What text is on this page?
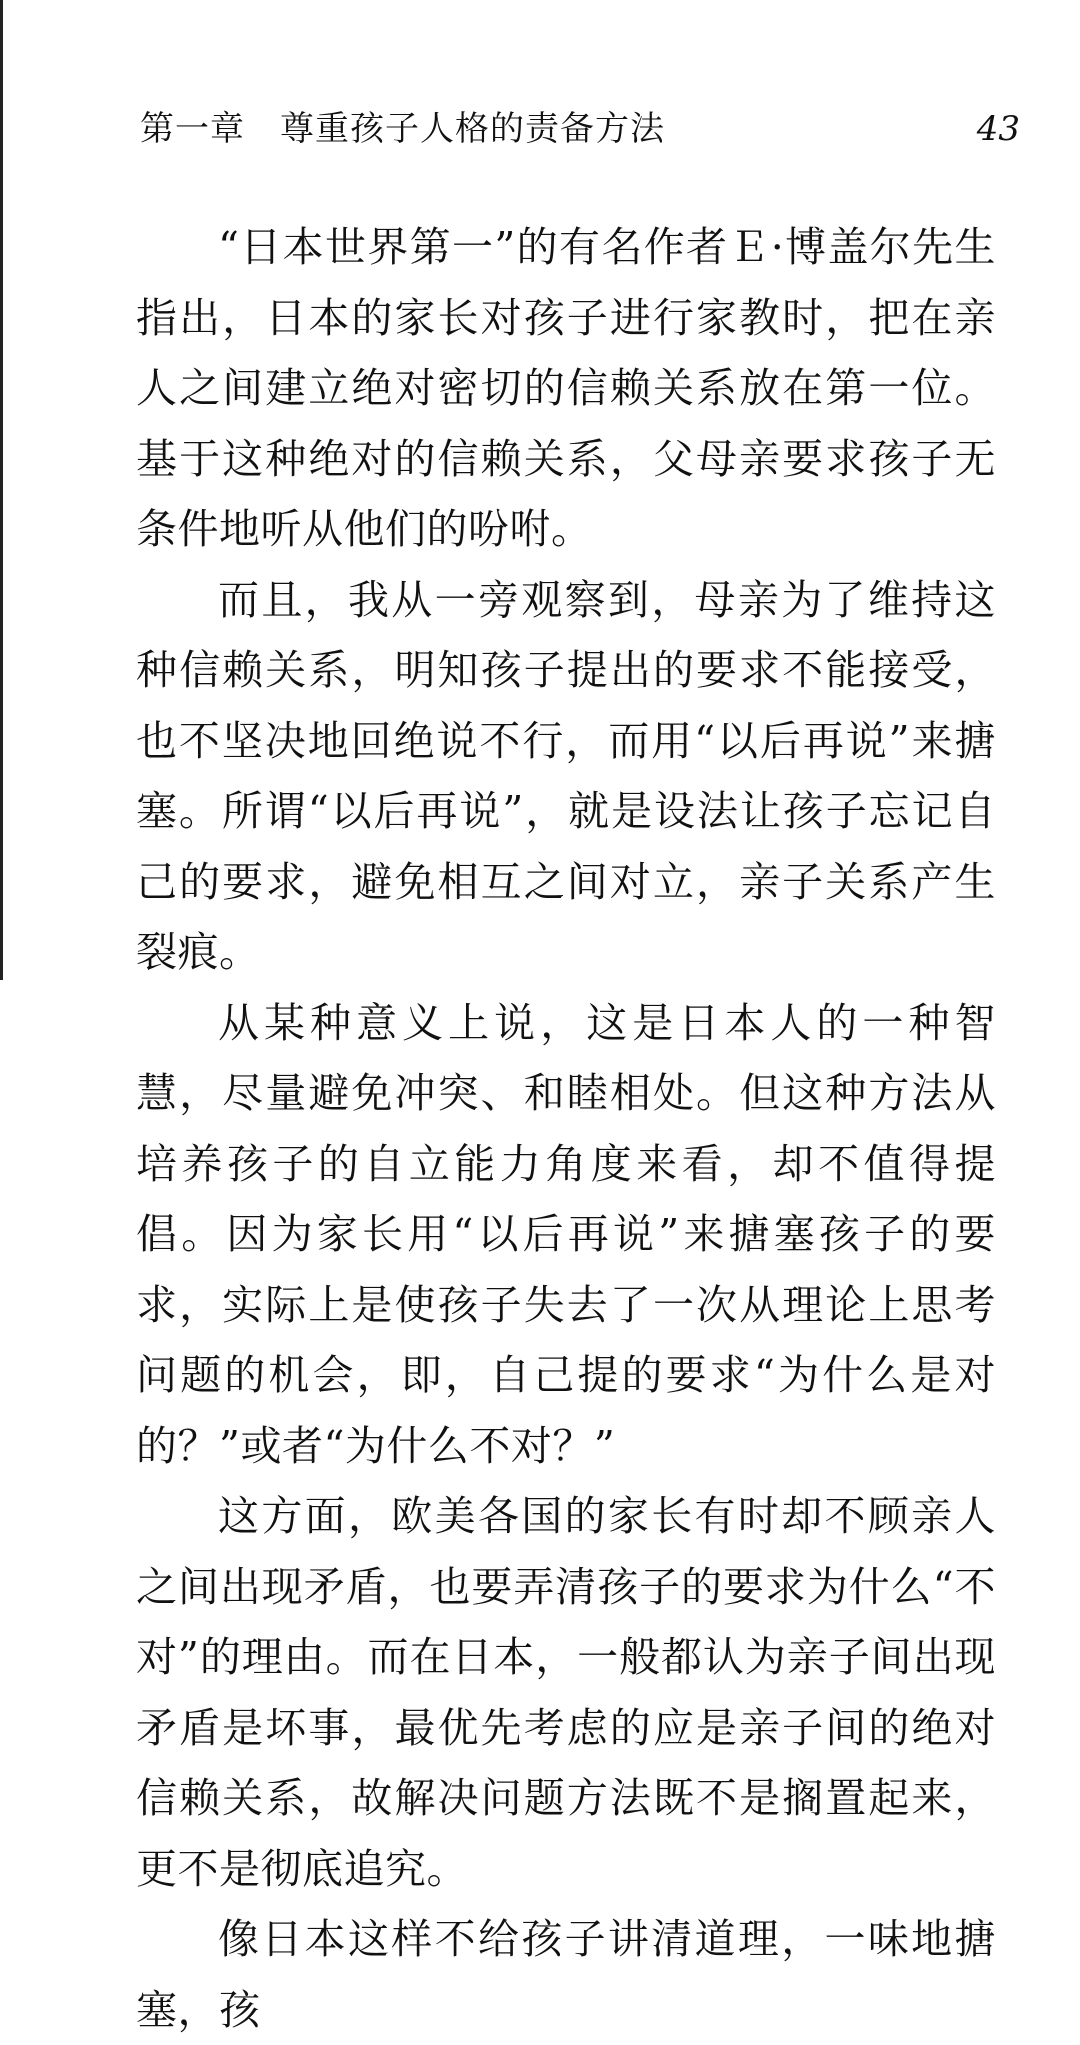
第一章　尊重孩子人格的责备方法	43

“日本世界第一”的有名作者Ｅ·博盖尔先生指出，日本的家长对孩子进行家教时，把在亲人之间建立绝对密切的信赖关系放在第一位。基于这种绝对的信赖关系，父母亲要求孩子无条件地听从他们的吩咐。

而且，我从一旁观察到，母亲为了维持这种信赖关系，明知孩子提出的要求不能接受，也不坚决地回绝说不行，而用“以后再说”来搪塞。所谓“以后再说”，就是设法让孩子忘记自己的要求，避免相互之间对立，亲子关系产生裂痕。

从某种意义上说，这是日本人的一种智慧，尽量避免冲突、和睦相处。但这种方法从培养孩子的自立能力角度来看，却不值得提倡。因为家长用“以后再说”来搪塞孩子的要求，实际上是使孩子失去了一次从理论上思考问题的机会，即，自己提的要求“为什么是对的？”或者“为什么不对？”

这方面，欧美各国的家长有时却不顾亲人之间出现矛盾，也要弄清孩子的要求为什么“不对”的理由。而在日本，一般都认为亲子间出现矛盾是坏事，最优先考虑的应是亲子间的绝对信赖关系，故解决问题方法既不是搁置起来，更不是彻底追究。

像日本这样不给孩子讲清道理，一味地搪塞，孩
